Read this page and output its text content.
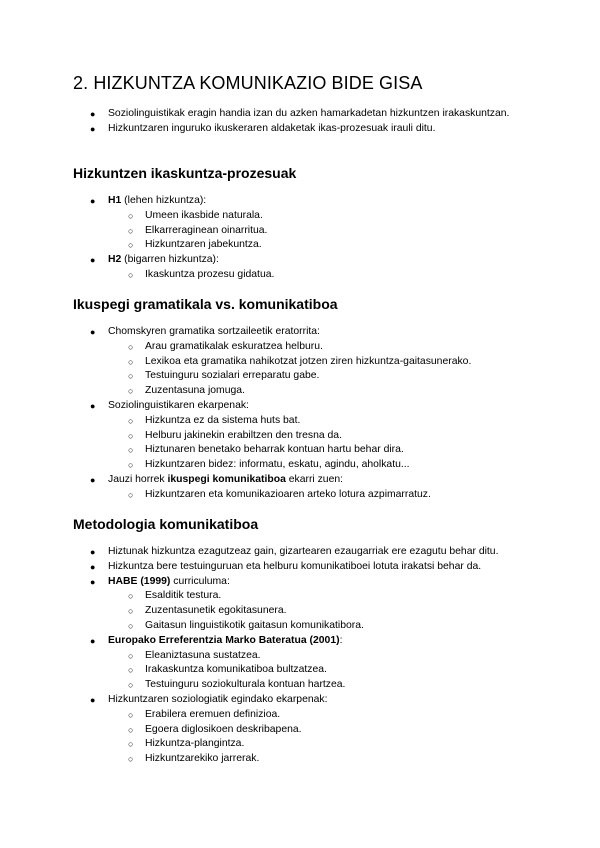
2. HIZKUNTZA KOMUNIKAZIO BIDE GISA
● Soziolinguistikak eragin handia izan du azken hamarkadetan hizkuntzen irakaskuntzan.
● Hizkuntzaren inguruko ikuskeraren aldaketak ikas-prozesuak irauli ditu.
Hizkuntzen ikaskuntza-prozesuak
● H1 (lehen hizkuntza):
○ Umeen ikasbide naturala.
○ Elkarreraginean oinarritua.
○ Hizkuntzaren jabekuntza.
● H2 (bigarren hizkuntza):
○ Ikaskuntza prozesu gidatua.
Ikuspegi gramatikala vs. komunikatiboa
● Chomskyren gramatika sortzaileetik eratorrita:
○ Arau gramatikalak eskuratzea helburu.
○ Lexikoa eta gramatika nahikotzat jotzen ziren hizkuntza-gaitasunerako.
○ Testuinguru sozialari erreparatu gabe.
○ Zuzentasuna jomuga.
● Soziolinguistikaren ekarpenak:
○ Hizkuntza ez da sistema huts bat.
○ Helburu jakinekin erabiltzen den tresna da.
○ Hiztunaren benetako beharrak kontuan hartu behar dira.
○ Hizkuntzaren bidez: informatu, eskatu, agindu, aholkatu...
● Jauzi horrek ikuspegi komunikatiboa ekarri zuen:
○ Hizkuntzaren eta komunikazioaren arteko lotura azpimarratuz.
Metodologia komunikatiboa
● Hiztunak hizkuntza ezagutzeaz gain, gizartearen ezaugarriak ere ezagutu behar ditu.
● Hizkuntza bere testuinguruan eta helburu komunikatiboei lotuta irakatsi behar da.
● HABE (1999) curriculuma:
○ Esalditik testura.
○ Zuzentasunetik egokitasunera.
○ Gaitasun linguistikotik gaitasun komunikatibora.
● Europako Erreferentzia Marko Bateratua (2001):
○ Eleaniztasuna sustatzea.
○ Irakaskuntza komunikatiboa bultzatzea.
○ Testuinguru soziokulturala kontuan hartzea.
● Hizkuntzaren soziologiatik egindako ekarpenak:
○ Erabilera eremuen definizioa.
○ Egoera diglosikoen deskribapena.
○ Hizkuntza-plangintza.
○ Hizkuntzarekiko jarrerak.
